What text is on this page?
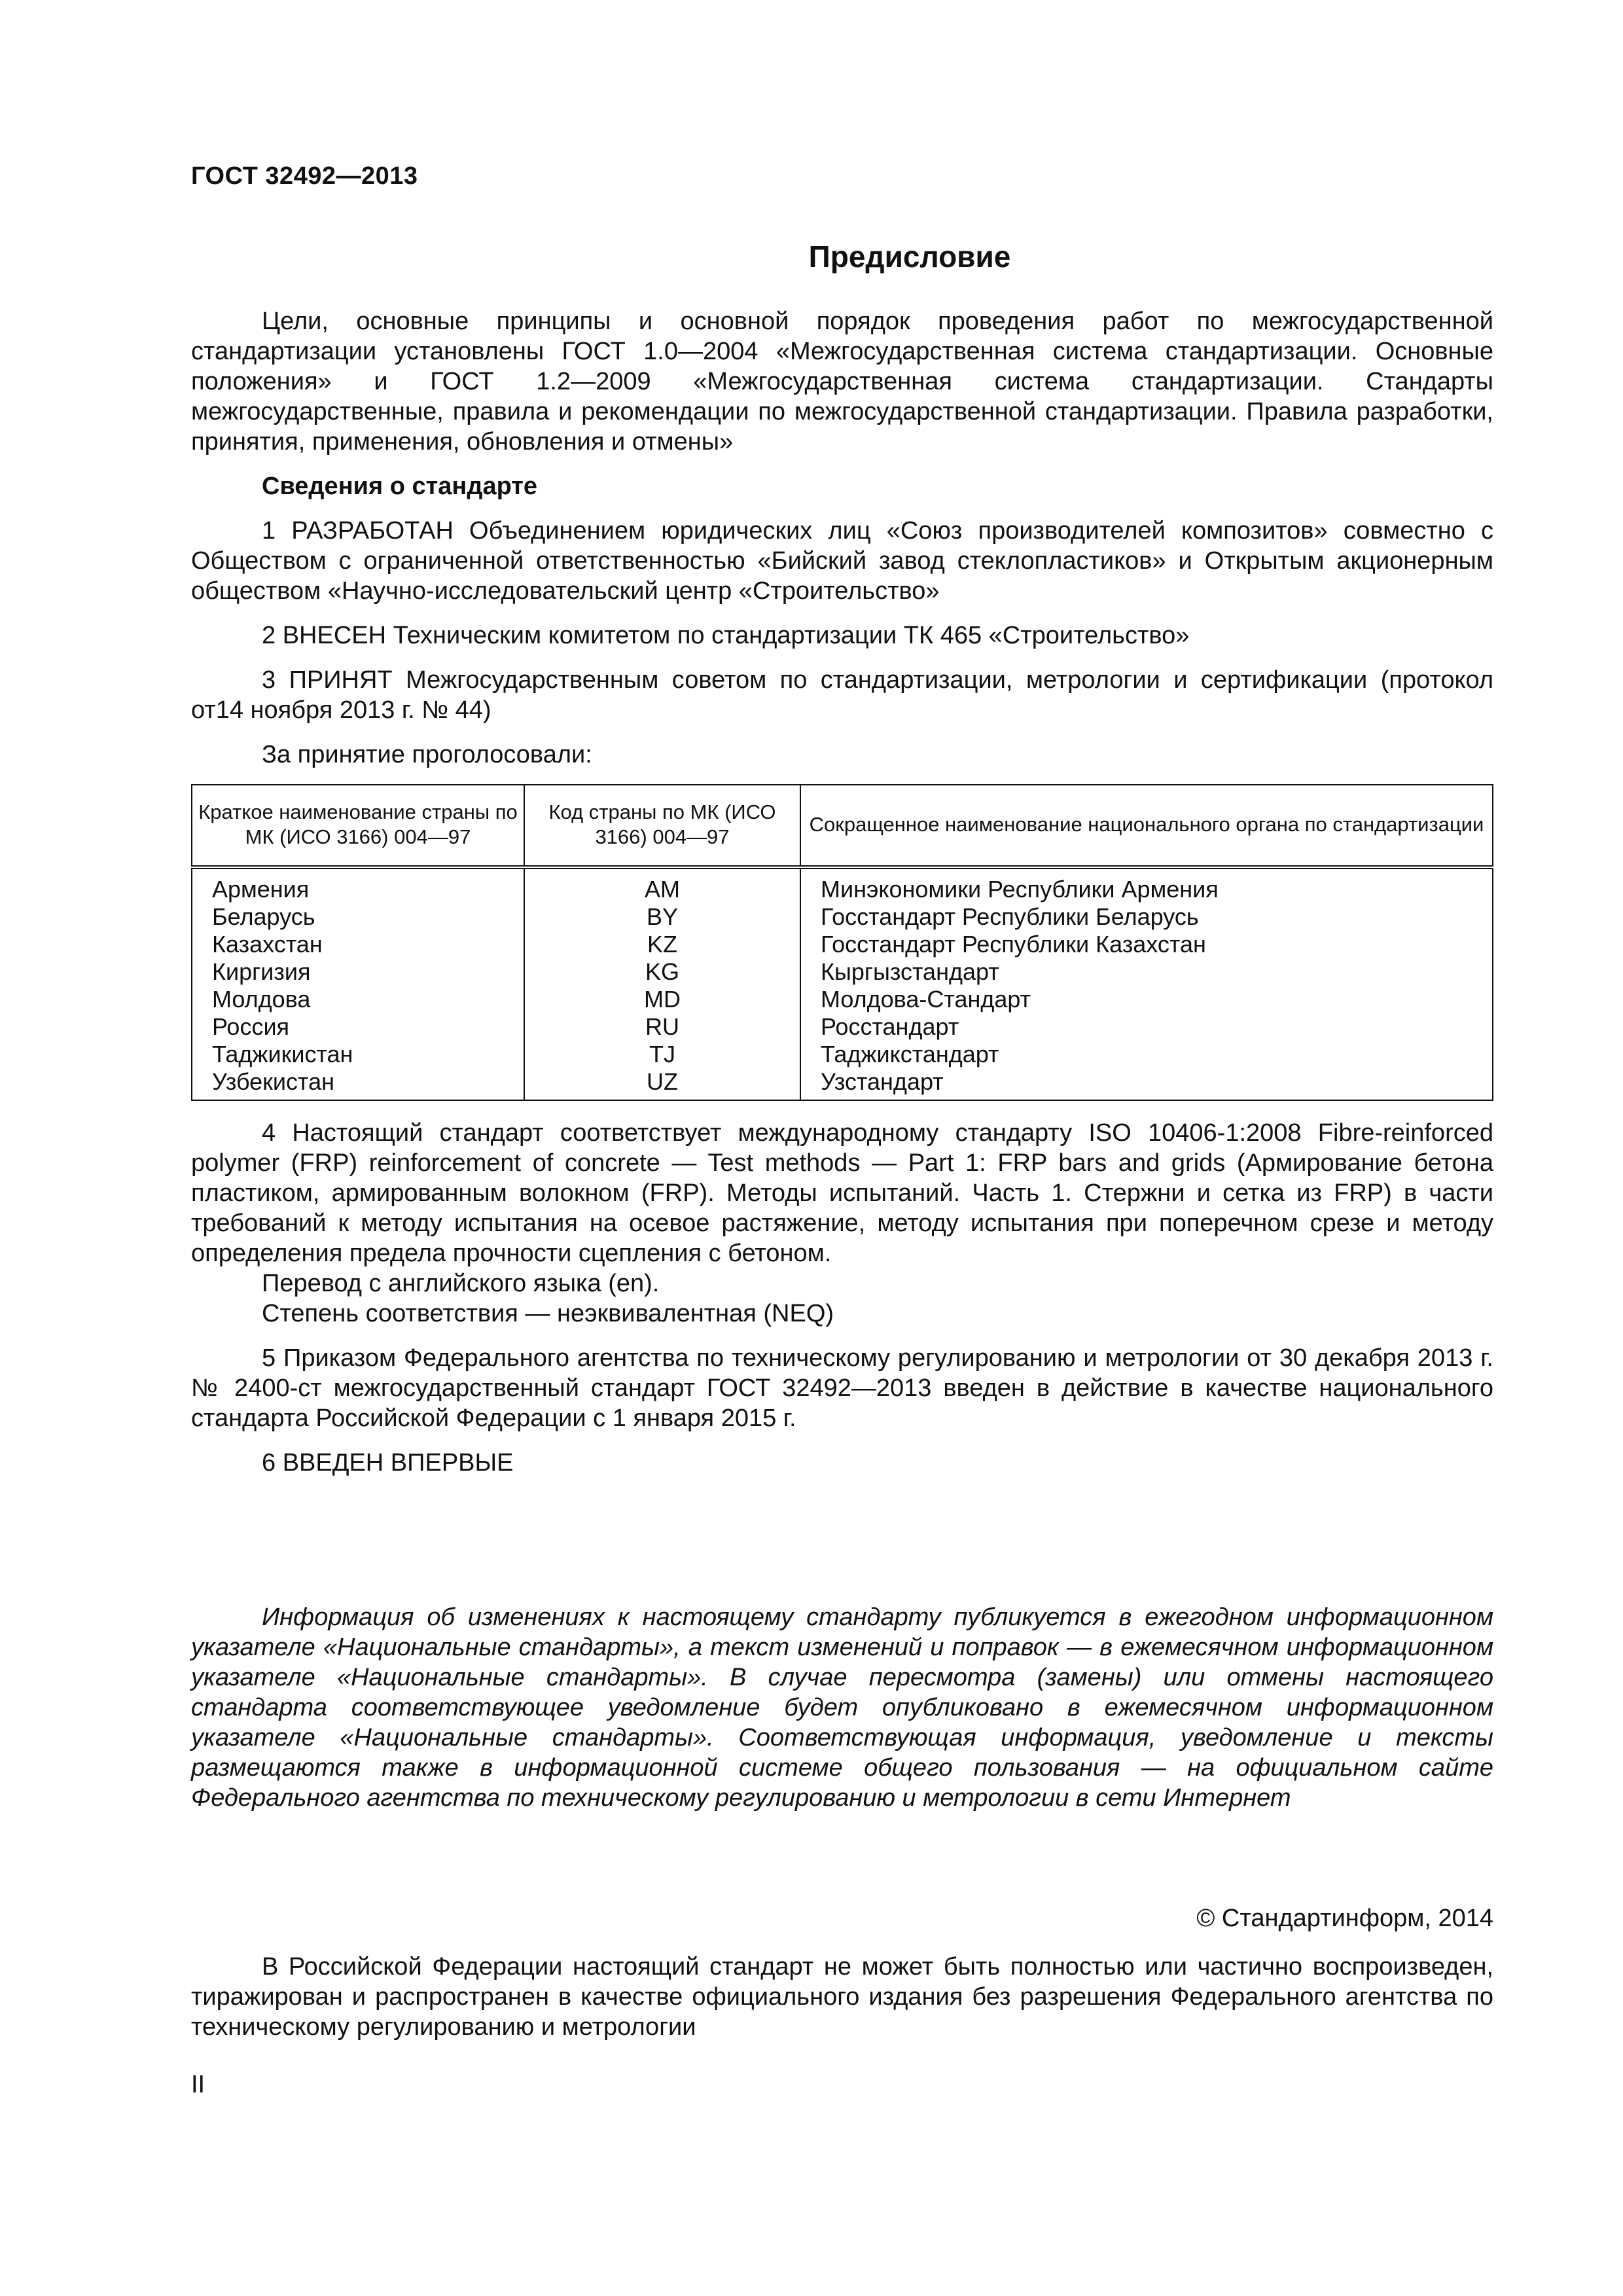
ГОСТ 32492—2013
Предисловие

Цели, основные принципы и основной порядок проведения работ по межгосударственной стандартизации установлены ГОСТ 1.0—2004 «Межгосударственная система стандартизации. Основные положения» и ГОСТ 1.2—2009 «Межгосударственная система стандартизации. Стандарты межгосударственные, правила и рекомендации по межгосударственной стандартизации. Правила разработки, принятия, применения, обновления и отмены»

Сведения о стандарте

1 РАЗРАБОТАН Объединением юридических лиц «Союз производителей композитов» совместно с Обществом с ограниченной ответственностью «Бийский завод стеклопластиков» и Открытым акционерным обществом «Научно-исследовательский центр «Строительство»

2 ВНЕСЕН Техническим комитетом по стандартизации ТК 465 «Строительство»

3 ПРИНЯТ Межгосударственным советом по стандартизации, метрологии и сертификации (протокол от14 ноября 2013 г. № 44)

За принятие проголосовали:

Краткое наименование страны по МК (ИСО 3166) 004—97	Код страны по МК (ИСО 3166) 004—97	Сокращенное наименование национального органа по стандартизации
Армения	AM	Минэкономики Республики Армения
Беларусь	BY	Госстандарт Республики Беларусь
Казахстан	KZ	Госстандарт Республики Казахстан
Киргизия	KG	Кыргызстандарт
Молдова	MD	Молдова-Стандарт
Россия	RU	Росстандарт
Таджикистан	TJ	Таджикстандарт
Узбекистан	UZ	Узстандарт

4 Настоящий стандарт соответствует международному стандарту ISO 10406-1:2008 Fibre-reinforced polymer (FRP) reinforcement of concrete — Test methods — Part 1: FRP bars and grids (Армирование бетона пластиком, армированным волокном (FRP). Методы испытаний. Часть 1. Стержни и сетка из FRP) в части требований к методу испытания на осевое растяжение, методу испытания при поперечном срезе и методу определения предела прочности сцепления с бетоном.

Перевод с английского языка (en).

Степень соответствия — неэквивалентная (NEQ)

5 Приказом Федерального агентства по техническому регулированию и метрологии от 30 декабря 2013 г. № 2400-ст межгосударственный стандарт ГОСТ 32492—2013 введен в действие в качестве национального стандарта Российской Федерации с 1 января 2015 г.

6 ВВЕДЕН ВПЕРВЫЕ

Информация об изменениях к настоящему стандарту публикуется в ежегодном информационном указателе «Национальные стандарты», а текст изменений и поправок — в ежемесячном информационном указателе «Национальные стандарты». В случае пересмотра (замены) или отмены настоящего стандарта соответствующее уведомление будет опубликовано в ежемесячном информационном указателе «Национальные стандарты». Соответствующая информация, уведомление и тексты размещаются также в информационной системе общего пользования — на официальном сайте Федерального агентства по техническому регулированию и метрологии в сети Интернет
© Стандартинформ, 2014
В Российской Федерации настоящий стандарт не может быть полностью или частично воспроизведен, тиражирован и распространен в качестве официального издания без разрешения Федерального агентства по техническому регулированию и метрологии
II
